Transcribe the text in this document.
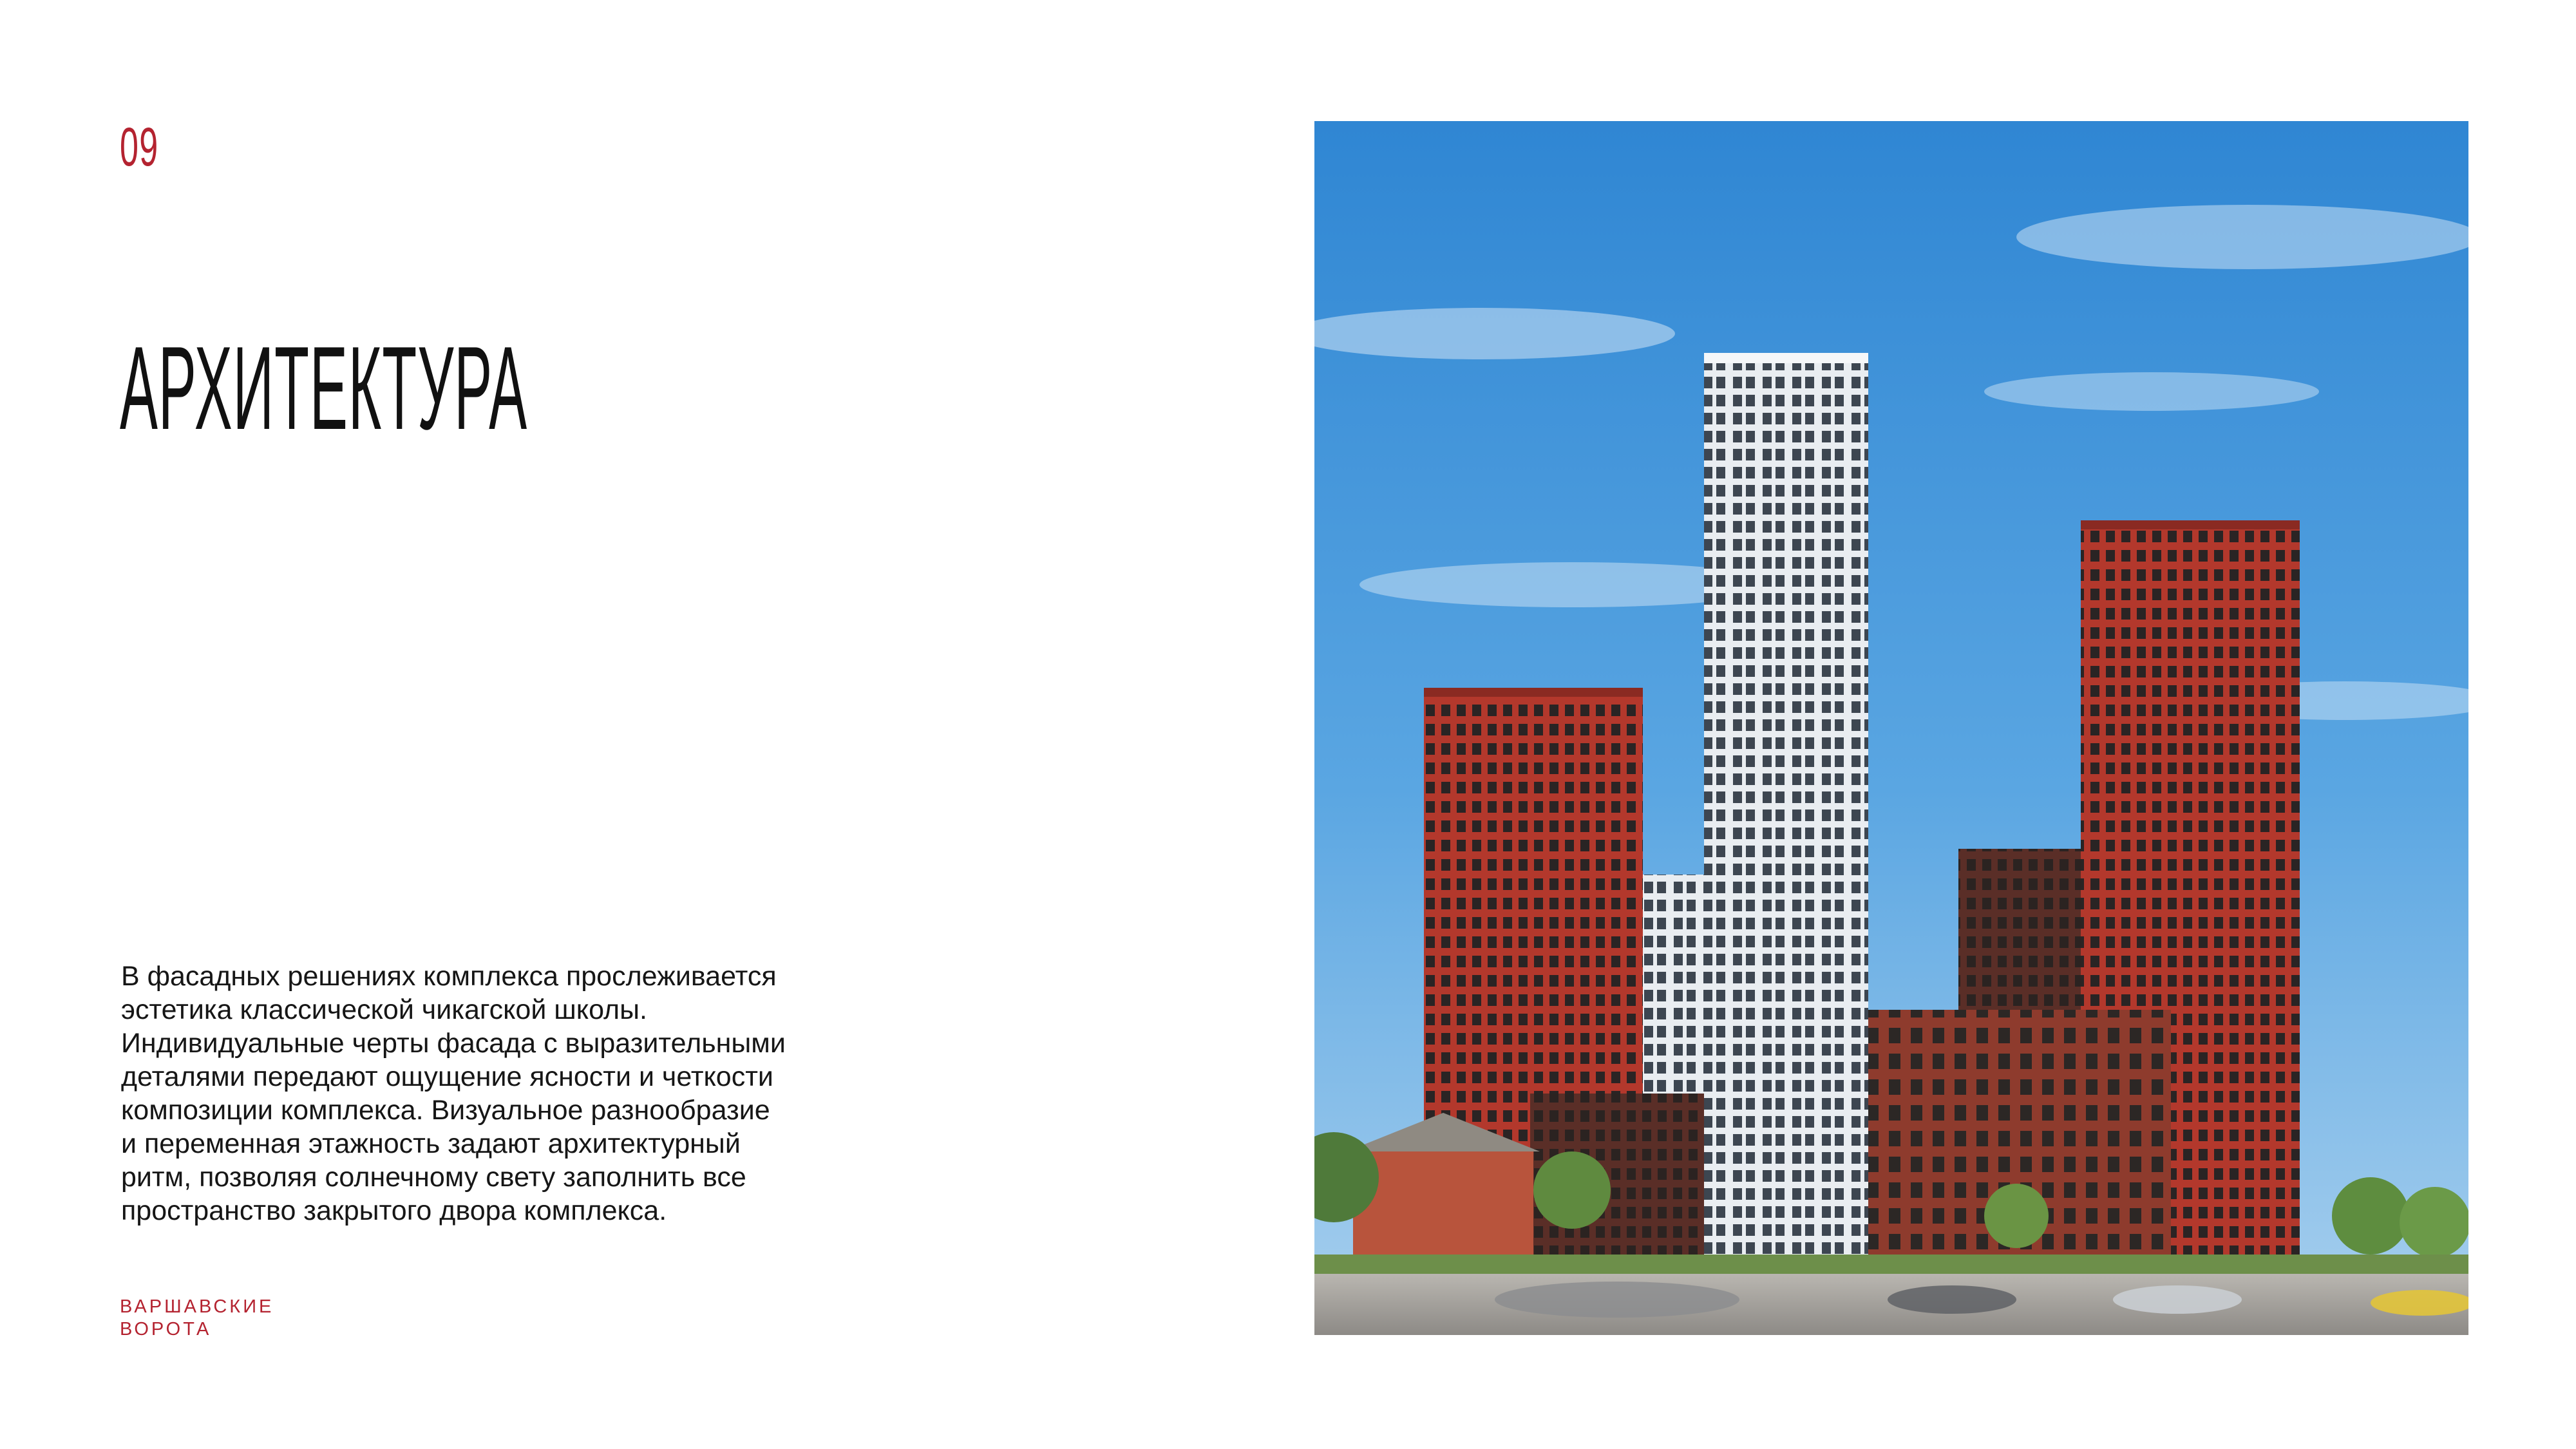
09
АРХИТЕКТУРА
В фасадных решениях комплекса прослеживается
эстетика классической чикагской школы.
Индивидуальные черты фасада с выразительными
деталями передают ощущение ясности и четкости
композиции комплекса. Визуальное разнообразие
и переменная этажность задают архитектурный
ритм, позволяя солнечному свету заполнить все
пространство закрытого двора комплекса.
ВАРШАВСКИЕ
ВОРОТА
